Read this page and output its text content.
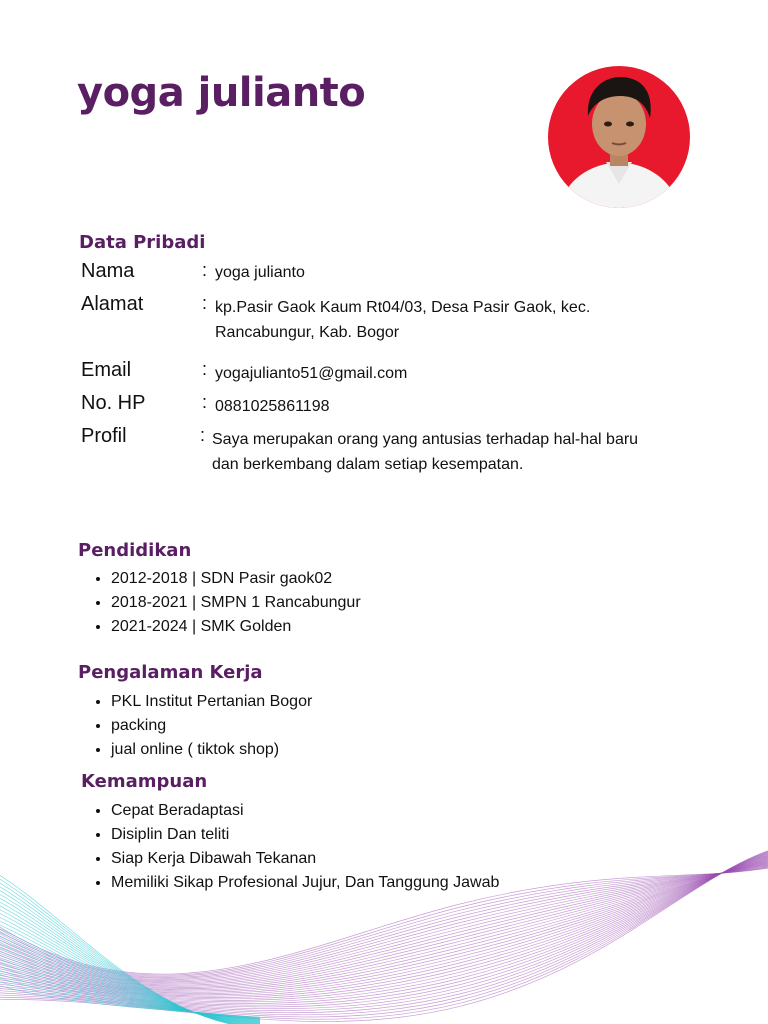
yoga julianto
Data Pribadi
Nama	: yoga julianto
Alamat	: kp.Pasir Gaok Kaum Rt04/03, Desa Pasir Gaok, kec. Rancabungur, Kab. Bogor
Email	: yogajulianto51@gmail.com
No. HP	: 0881025861198
Profil	: Saya merupakan orang yang antusias terhadap hal-hal baru dan berkembang dalam setiap kesempatan.
Pendidikan
• 2012-2018 | SDN Pasir gaok02
• 2018-2021 | SMPN 1 Rancabungur
• 2021-2024 | SMK Golden
Pengalaman Kerja
• PKL Institut Pertanian Bogor
• packing
• jual online ( tiktok shop)
Kemampuan
• Cepat Beradaptasi
• Disiplin Dan teliti
• Siap Kerja Dibawah Tekanan
• Memiliki Sikap Profesional Jujur, Dan Tanggung Jawab
